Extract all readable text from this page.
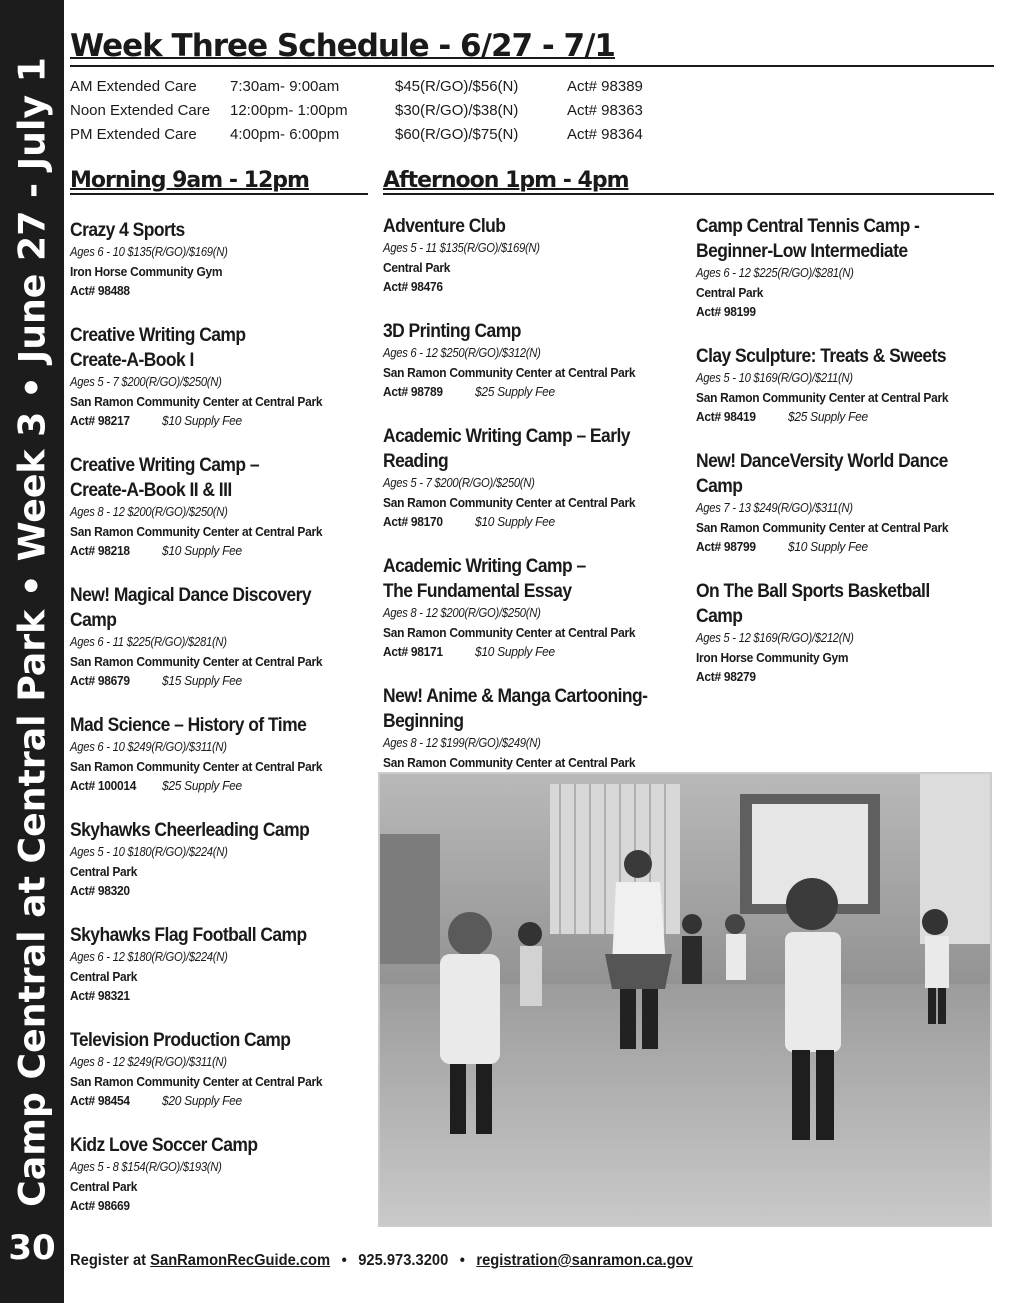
Camp Central at Central Park • Week 3 • June 27 - July 1
30
Week Three Schedule - 6/27 - 7/1
AM Extended Care	7:30am- 9:00am	$45(R/GO)/$56(N)	Act# 98389
Noon Extended Care	12:00pm- 1:00pm	$30(R/GO)/$38(N)	Act# 98363
PM Extended Care	4:00pm- 6:00pm	$60(R/GO)/$75(N)	Act# 98364
Morning 9am - 12pm	Afternoon 1pm - 4pm
Crazy 4 Sports
Ages 6 - 10 $135(R/GO)/$169(N)
Iron Horse Community Gym
Act# 98488
Creative Writing Camp
Create-A-Book I
Ages 5 - 7 $200(R/GO)/$250(N)
San Ramon Community Center at Central Park
Act# 98217 $10 Supply Fee
Creative Writing Camp –
Create-A-Book II & III
Ages 8 - 12 $200(R/GO)/$250(N)
San Ramon Community Center at Central Park
Act# 98218 $10 Supply Fee
New! Magical Dance Discovery
Camp
Ages 6 - 11 $225(R/GO)/$281(N)
San Ramon Community Center at Central Park
Act# 98679 $15 Supply Fee
Mad Science – History of Time
Ages 6 - 10 $249(R/GO)/$311(N)
San Ramon Community Center at Central Park
Act# 100014 $25 Supply Fee
Skyhawks Cheerleading Camp
Ages 5 - 10 $180(R/GO)/$224(N)
Central Park
Act# 98320
Skyhawks Flag Football Camp
Ages 6 - 12 $180(R/GO)/$224(N)
Central Park
Act# 98321
Television Production Camp
Ages 8 - 12 $249(R/GO)/$311(N)
San Ramon Community Center at Central Park
Act# 98454 $20 Supply Fee
Kidz Love Soccer Camp
Ages 5 - 8 $154(R/GO)/$193(N)
Central Park
Act# 98669
Adventure Club
Ages 5 - 11 $135(R/GO)/$169(N)
Central Park
Act# 98476
3D Printing Camp
Ages 6 - 12 $250(R/GO)/$312(N)
San Ramon Community Center at Central Park
Act# 98789 $25 Supply Fee
Academic Writing Camp – Early
Reading
Ages 5 - 7 $200(R/GO)/$250(N)
San Ramon Community Center at Central Park
Act# 98170 $10 Supply Fee
Academic Writing Camp –
The Fundamental Essay
Ages 8 - 12 $200(R/GO)/$250(N)
San Ramon Community Center at Central Park
Act# 98171 $10 Supply Fee
New! Anime & Manga Cartooning-
Beginning
Ages 8 - 12 $199(R/GO)/$249(N)
San Ramon Community Center at Central Park
Camp Central Tennis Camp -
Beginner-Low Intermediate
Ages 6 - 12 $225(R/GO)/$281(N)
Central Park
Act# 98199
Clay Sculpture: Treats & Sweets
Ages 5 - 10 $169(R/GO)/$211(N)
San Ramon Community Center at Central Park
Act# 98419 $25 Supply Fee
New! DanceVersity World Dance
Camp
Ages 7 - 13 $249(R/GO)/$311(N)
San Ramon Community Center at Central Park
Act# 98799 $10 Supply Fee
On The Ball Sports Basketball
Camp
Ages 5 - 12 $169(R/GO)/$212(N)
Iron Horse Community Gym
Act# 98279
Register at SanRamonRecGuide.com • 925.973.3200 • registration@sanramon.ca.gov
